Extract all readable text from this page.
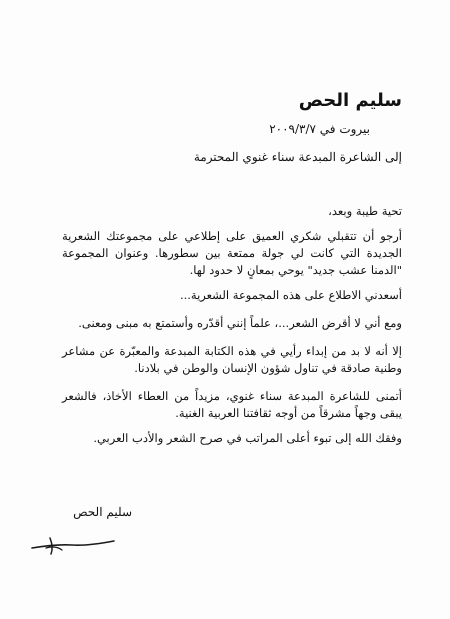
سليم الحص
بيروت في ٢٠٠٩/٣/٧
إلى الشاعرة المبدعة سناء غنوي المحترمة

تحية طيبة وبعد،

أرجو أن تتقبلي شكري العميق على إطلاعي على مجموعتك الشعرية الجديدة التي كانت لي جولة ممتعة بين سطورها. وعنوان المجموعة "الدمنا عشب جديد" يوحي بمعانٍ لا حدود لها.

أسعدني الاطلاع على هذه المجموعة الشعرية...

ومع أني لا أقرض الشعر...، علماً إنني أقدّره وأستمتع به مبنى ومعنى.

إلا أنه لا بد من إبداء رأيي في هذه الكتابة المبدعة والمعبّرة عن مشاعر وطنية صادقة في تناول شؤون الإنسان والوطن في بلادنا.

أتمنى للشاعرة المبدعة سناء غنوي، مزيداً من العطاء الأخاذ، فالشعر يبقى وجهاً مشرقاً من أوجه ثقافتنا العربية الغنية.

وفقك الله إلى تبوء أعلى المراتب في صرح الشعر والأدب العربي.

سليم الحص
